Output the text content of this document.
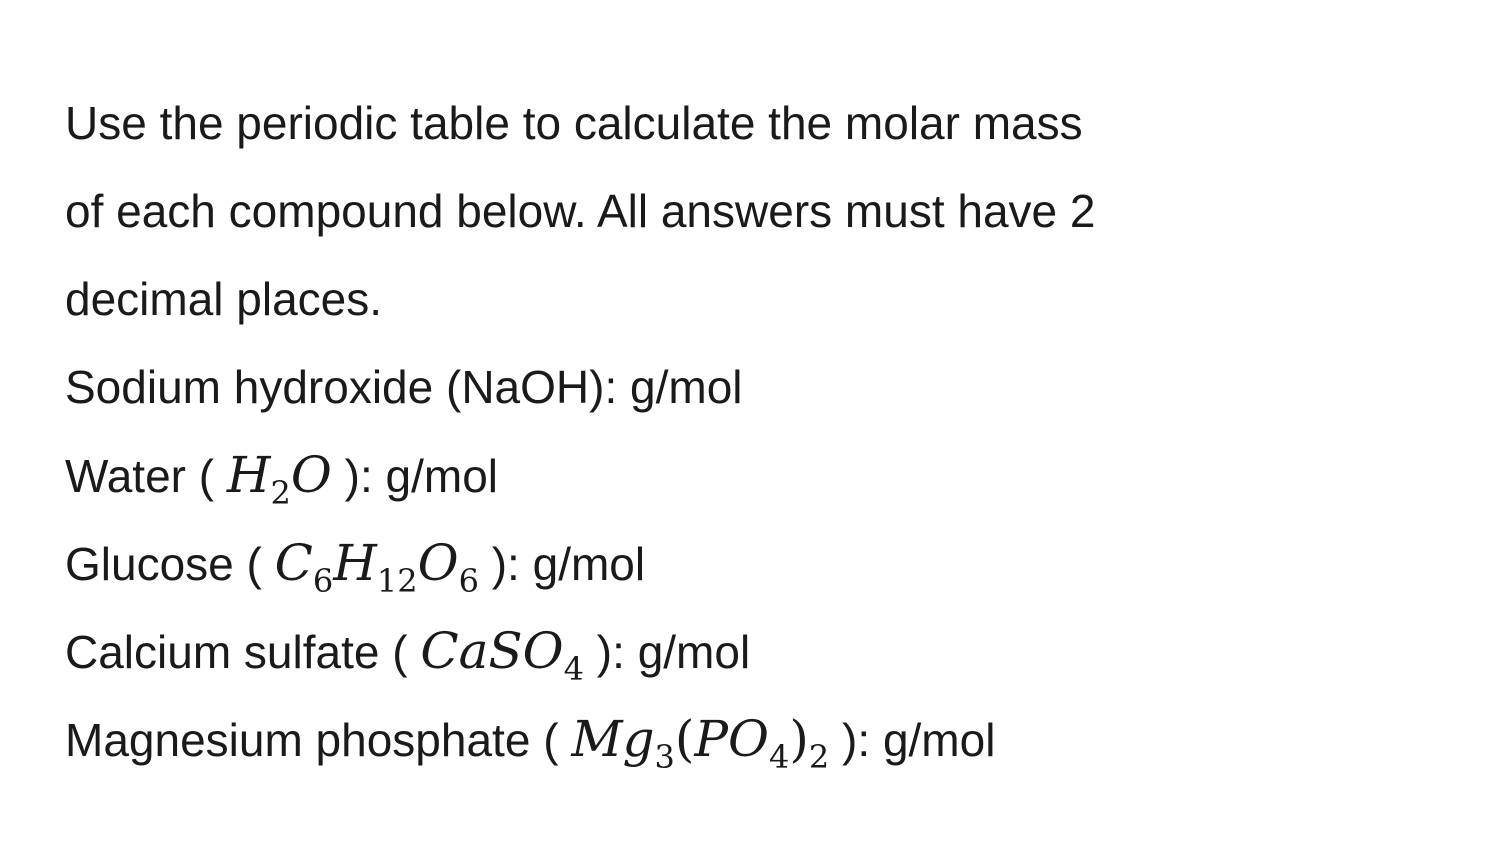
Use the periodic table to calculate the molar mass
of each compound below. All answers must have 2
decimal places.
Sodium hydroxide (NaOH): g/mol
Water ( $H_2O$ ): g/mol
Glucose ( $C_6H_{12}O_6$ ): g/mol
Calcium sulfate ( CaSO$_4$ ): g/mol
Magnesium phosphate ( $Mg_3(PO_4)_2$ ): g/mol
